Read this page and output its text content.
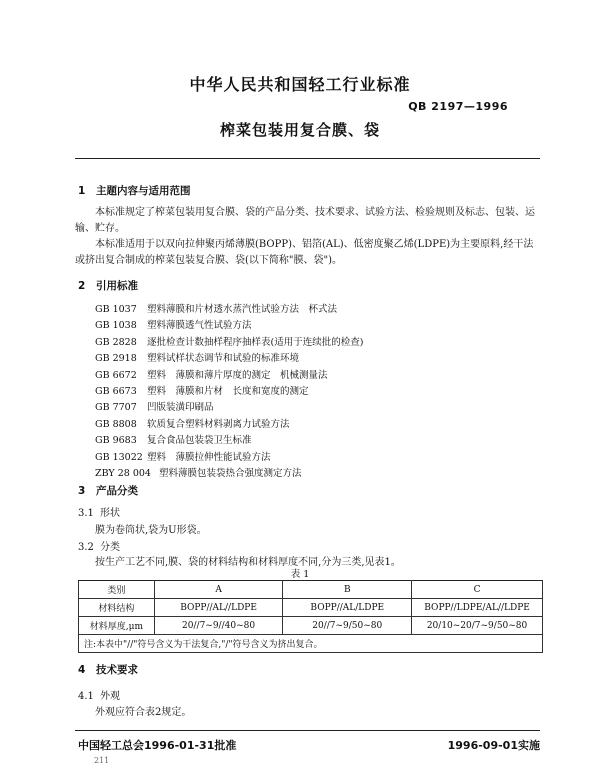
中华人民共和国轻工行业标准
QB 2197—1996
榨菜包装用复合膜、袋
1 主题内容与适用范围
本标准规定了榨菜包装用复合膜、袋的产品分类、技术要求、试验方法、检验规则及标志、包装、运输、贮存。
本标准适用于以双向拉伸聚丙烯薄膜(BOPP)、铝箔(AL)、低密度聚乙烯(LDPE)为主要原料,经干法或挤出复合制成的榨菜包装复合膜、袋(以下简称"膜、袋")。
2 引用标准
GB 1037 塑料薄膜和片材透水蒸汽性试验方法　杯式法
GB 1038 塑料薄膜透气性试验方法
GB 2828 逐批检查计数抽样程序抽样表(适用于连续批的检查)
GB 2918 塑料试样状态调节和试验的标准环境
GB 6672 塑料　薄膜和薄片厚度的测定　机械测量法
GB 6673 塑料　薄膜和片材　长度和宽度的测定
GB 7707 凹版装潢印刷品
GB 8808 软质复合塑料材料剥离力试验方法
GB 9683 复合食品包装袋卫生标准
GB 13022 塑料　薄膜拉伸性能试验方法
ZBY 28 004 塑料薄膜包装袋热合强度测定方法
3 产品分类
3.1 形状
膜为卷筒状,袋为U形袋。
3.2 分类
按生产工艺不同,膜、袋的材料结构和材料厚度不同,分为三类,见表1。
表 1
类别	A	B	C
材料结构	BOPP//AL//LDPE	BOPP//AL/LDPE	BOPP//LDPE/AL//LDPE
材料厚度,μm	20//7~9//40~80	20//7~9/50~80	20/10~20/7~9/50~80
注:本表中"//"符号含义为干法复合,"/"符号含义为挤出复合。			
4 技术要求
4.1 外观
外观应符合表2规定。
中国轻工总会1996-01-31批准	1996-09-01实施
211
